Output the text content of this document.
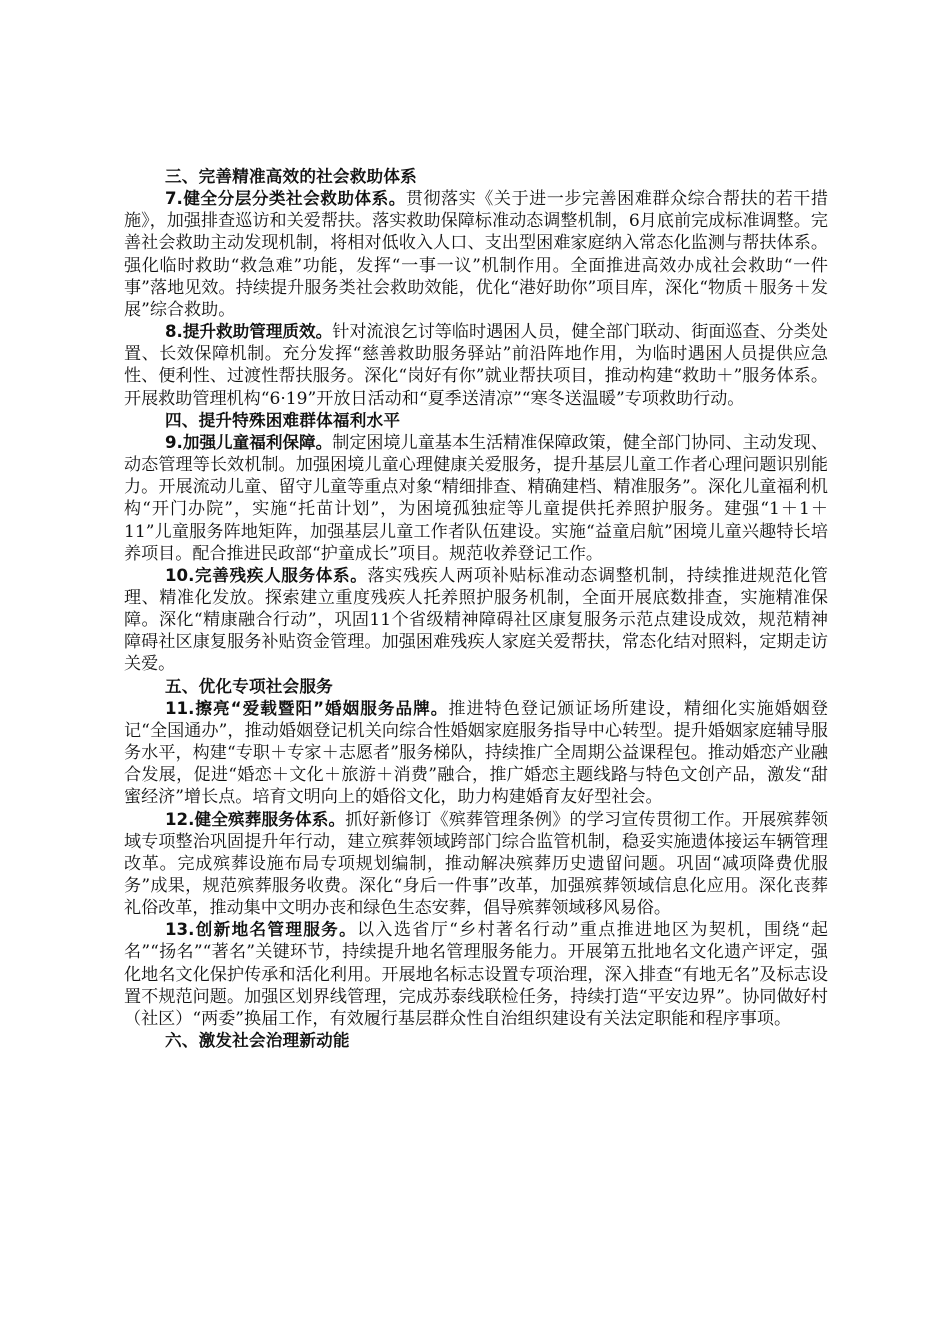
三、完善精准高效的社会救助体系

7.健全分层分类社会救助体系。贯彻落实《关于进一步完善困难群众综合帮扶的若干措施》，加强排查巡访和关爱帮扶。落实救助保障标准动态调整机制，6月底前完成标准调整。完善社会救助主动发现机制，将相对低收入人口、支出型困难家庭纳入常态化监测与帮扶体系。强化临时救助“救急难”功能，发挥“一事一议”机制作用。全面推进高效办成社会救助“一件事”落地见效。持续提升服务类社会救助效能，优化“港好助你”项目库，深化“物质＋服务＋发展”综合救助。

8.提升救助管理质效。针对流浪乞讨等临时遇困人员，健全部门联动、街面巡查、分类处置、长效保障机制。充分发挥“慈善救助服务驿站”前沿阵地作用，为临时遇困人员提供应急性、便利性、过渡性帮扶服务。深化“岗好有你”就业帮扶项目，推动构建“救助＋”服务体系。开展救助管理机构“6·19”开放日活动和“夏季送清凉”“寒冬送温暖”专项救助行动。

四、提升特殊困难群体福利水平

9.加强儿童福利保障。制定困境儿童基本生活精准保障政策，健全部门协同、主动发现、动态管理等长效机制。加强困境儿童心理健康关爱服务，提升基层儿童工作者心理问题识别能力。开展流动儿童、留守儿童等重点对象“精细排查、精确建档、精准服务”。深化儿童福利机构“开门办院”，实施“托苗计划”，为困境孤独症等儿童提供托养照护服务。建强“1＋1＋11”儿童服务阵地矩阵，加强基层儿童工作者队伍建设。实施“益童启航”困境儿童兴趣特长培养项目。配合推进民政部“护童成长”项目。规范收养登记工作。

10.完善残疾人服务体系。落实残疾人两项补贴标准动态调整机制，持续推进规范化管理、精准化发放。探索建立重度残疾人托养照护服务机制，全面开展底数排查，实施精准保障。深化“精康融合行动”，巩固11个省级精神障碍社区康复服务示范点建设成效，规范精神障碍社区康复服务补贴资金管理。加强困难残疾人家庭关爱帮扶，常态化结对照料，定期走访关爱。

五、优化专项社会服务

11.擦亮“爱载暨阳”婚姻服务品牌。推进特色登记颁证场所建设，精细化实施婚姻登记“全国通办”，推动婚姻登记机关向综合性婚姻家庭服务指导中心转型。提升婚姻家庭辅导服务水平，构建“专职＋专家＋志愿者”服务梯队，持续推广全周期公益课程包。推动婚恋产业融合发展，促进“婚恋＋文化＋旅游＋消费”融合，推广婚恋主题线路与特色文创产品，激发“甜蜜经济”增长点。培育文明向上的婚俗文化，助力构建婚育友好型社会。

12.健全殡葬服务体系。抓好新修订《殡葬管理条例》的学习宣传贯彻工作。开展殡葬领域专项整治巩固提升年行动，建立殡葬领域跨部门综合监管机制，稳妥实施遗体接运车辆管理改革。完成殡葬设施布局专项规划编制，推动解决殡葬历史遗留问题。巩固“减项降费优服务”成果，规范殡葬服务收费。深化“身后一件事”改革，加强殡葬领域信息化应用。深化丧葬礼俗改革，推动集中文明办丧和绿色生态安葬，倡导殡葬领域移风易俗。

13.创新地名管理服务。以入选省厅“乡村著名行动”重点推进地区为契机，围绕“起名”“扬名”“著名”关键环节，持续提升地名管理服务能力。开展第五批地名文化遗产评定，强化地名文化保护传承和活化利用。开展地名标志设置专项治理，深入排查“有地无名”及标志设置不规范问题。加强区划界线管理，完成苏泰线联检任务，持续打造“平安边界”。协同做好村（社区）“两委”换届工作，有效履行基层群众性自治组织建设有关法定职能和程序事项。

六、激发社会治理新动能
